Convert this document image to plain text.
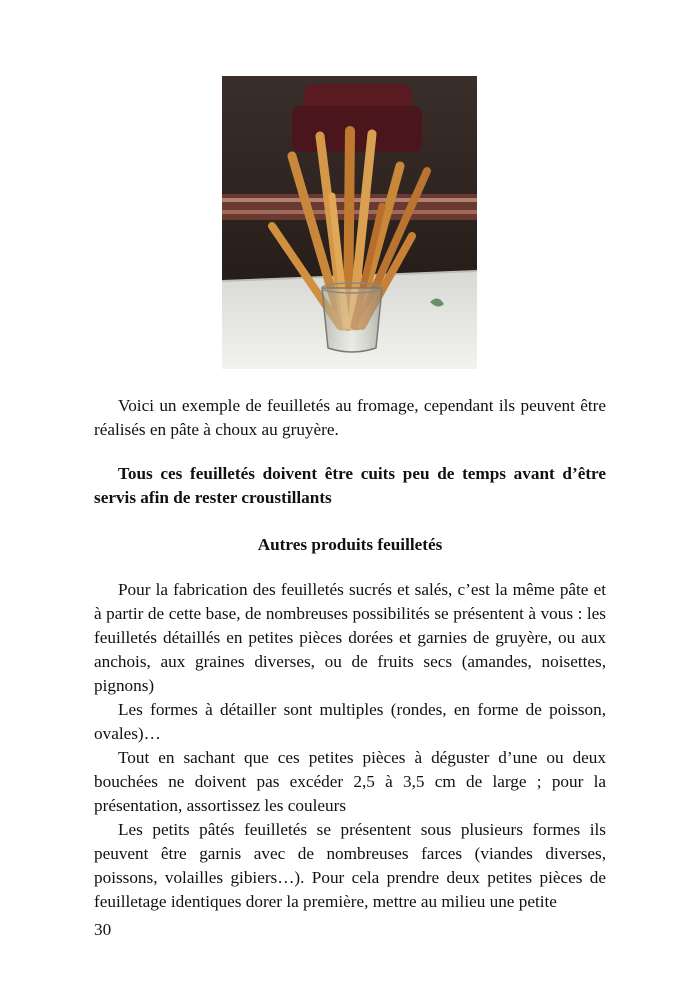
Voici un exemple de feuilletés au fromage, cependant ils peuvent être réalisés en pâte à choux au gruyère.

Tous ces feuilletés doivent être cuits peu de temps avant d’être servis afin de rester croustillants
Autres produits feuilletés

Pour la fabrication des feuilletés sucrés et salés, c’est la même pâte et à partir de cette base, de nombreuses possibilités se présentent à vous : les feuilletés détaillés en petites pièces dorées et garnies de gruyère, ou aux anchois, aux graines diverses, ou de fruits secs (amandes, noisettes, pignons)

Les formes à détailler sont multiples (rondes, en forme de poisson, ovales)…

Tout en sachant que ces petites pièces à déguster d’une ou deux bouchées ne doivent pas excéder 2,5 à 3,5 cm de large ; pour la présentation, assortissez les couleurs

Les petits pâtés feuilletés se présentent sous plusieurs formes ils peuvent être garnis avec de nombreuses farces (viandes diverses, poissons, volailles gibiers…). Pour cela prendre deux petites pièces de feuilletage identiques dorer la première, mettre au milieu une petite

30
